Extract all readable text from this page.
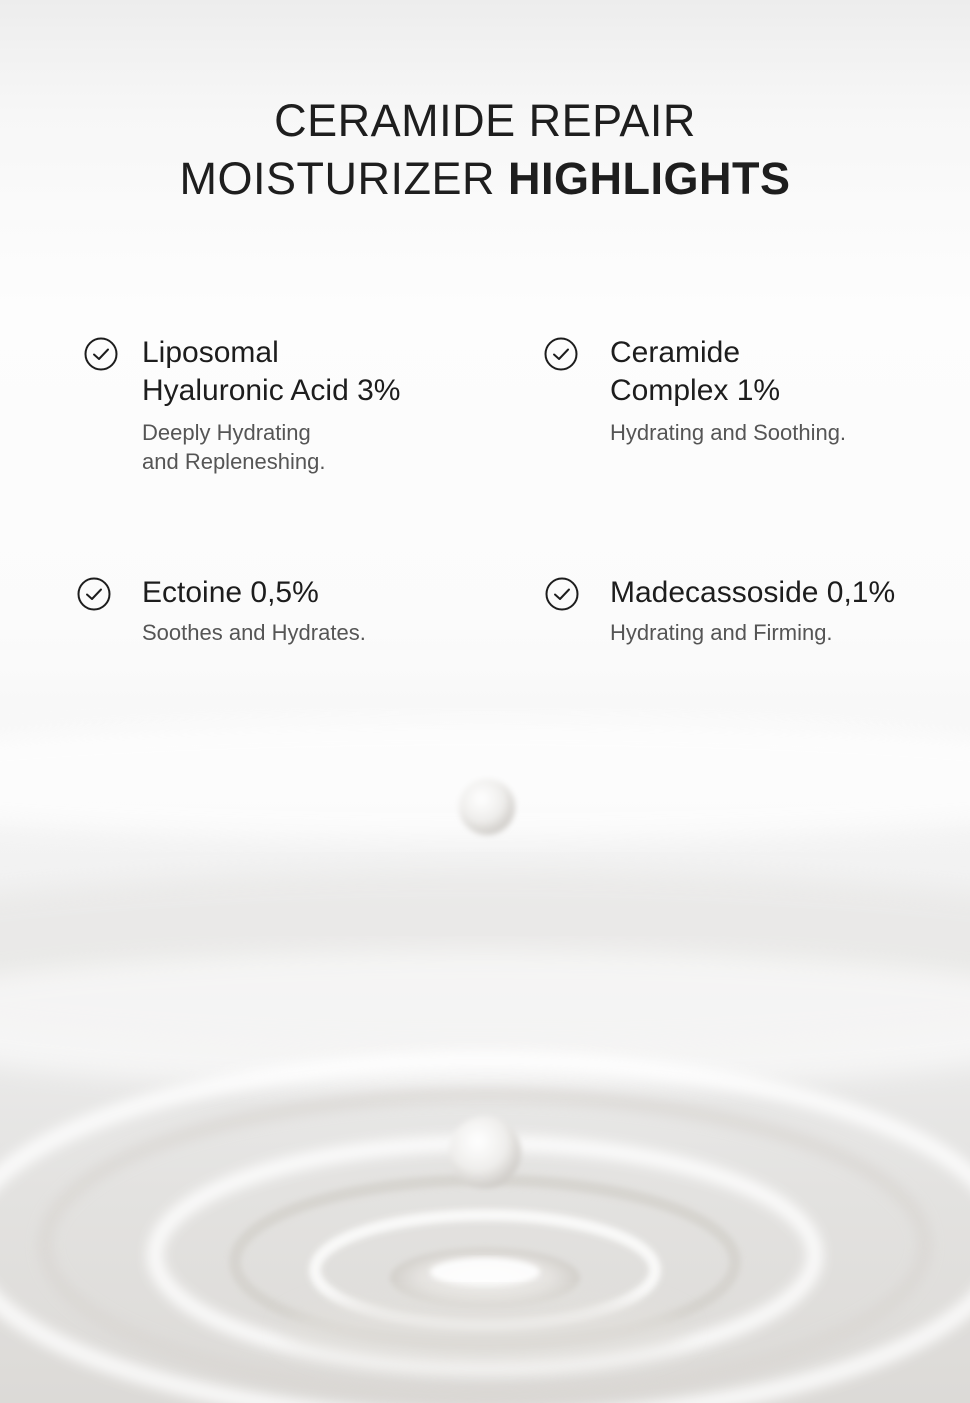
CERAMIDE REPAIR
MOISTURIZER HIGHLIGHTS
Liposomal
Hyaluronic Acid 3%
Deeply Hydrating
and Repleneshing.
Ceramide
Complex 1%
Hydrating and Soothing.
Ectoine 0,5%
Soothes and Hydrates.
Madecassoside 0,1%
Hydrating and Firming.
